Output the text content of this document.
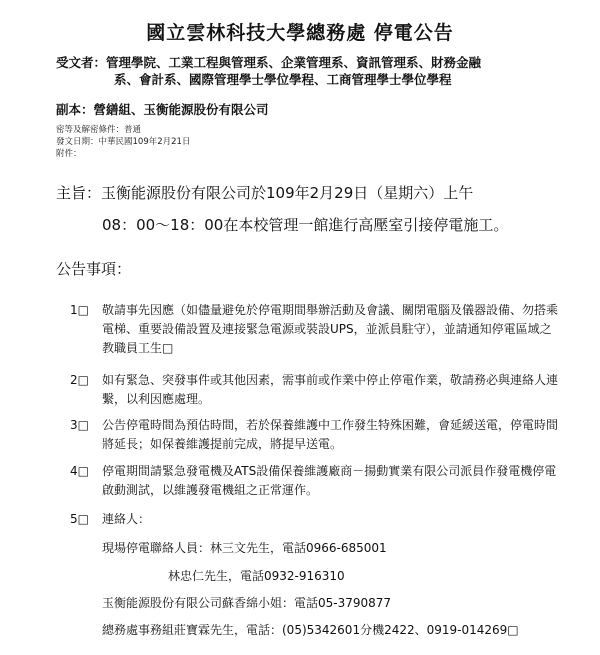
國立雲林科技大學總務處 停電公告
受文者：管理學院、工業工程與管理系、企業管理系、資訊管理系、財務金融
系、會計系、國際管理學士學位學程、工商管理學士學位學程
副本：營繕組、玉衡能源股份有限公司
密等及解密條件：普通
發文日期：中華民國109年2月21日
附件：
主旨：玉衡能源股份有限公司於109年2月29日（星期六）上午
08：00～18：00在本校管理一館進行高壓室引接停電施工。
公告事項：
1□	敬請事先因應（如儘量避免於停電期間舉辦活動及會議、關閉電腦及儀器設備、勿搭乘電梯、重要設備設置及連接緊急電源或裝設UPS，並派員駐守），並請通知停電區域之教職員工生□
2□	如有緊急、突發事件或其他因素，需事前或作業中停止停電作業，敬請務必與連絡人連繫，以利因應處理。
3□	公告停電時間為預估時間，若於保養維護中工作發生特殊困難，會延緩送電，停電時間將延長；如保養維護提前完成，將提早送電。
4□	停電期間請緊急發電機及ATS設備保養維護廠商－揚動實業有限公司派員作發電機停電啟動測試，以維護發電機組之正常運作。
5□	連絡人：
現場停電聯絡人員：林三文先生，電話0966-685001
林忠仁先生，電話0932-916310
玉衡能源股份有限公司蘇香綿小姐：電話05-3790877
總務處事務組莊寶霖先生，電話：(05)5342601分機2422、0919-014269□
